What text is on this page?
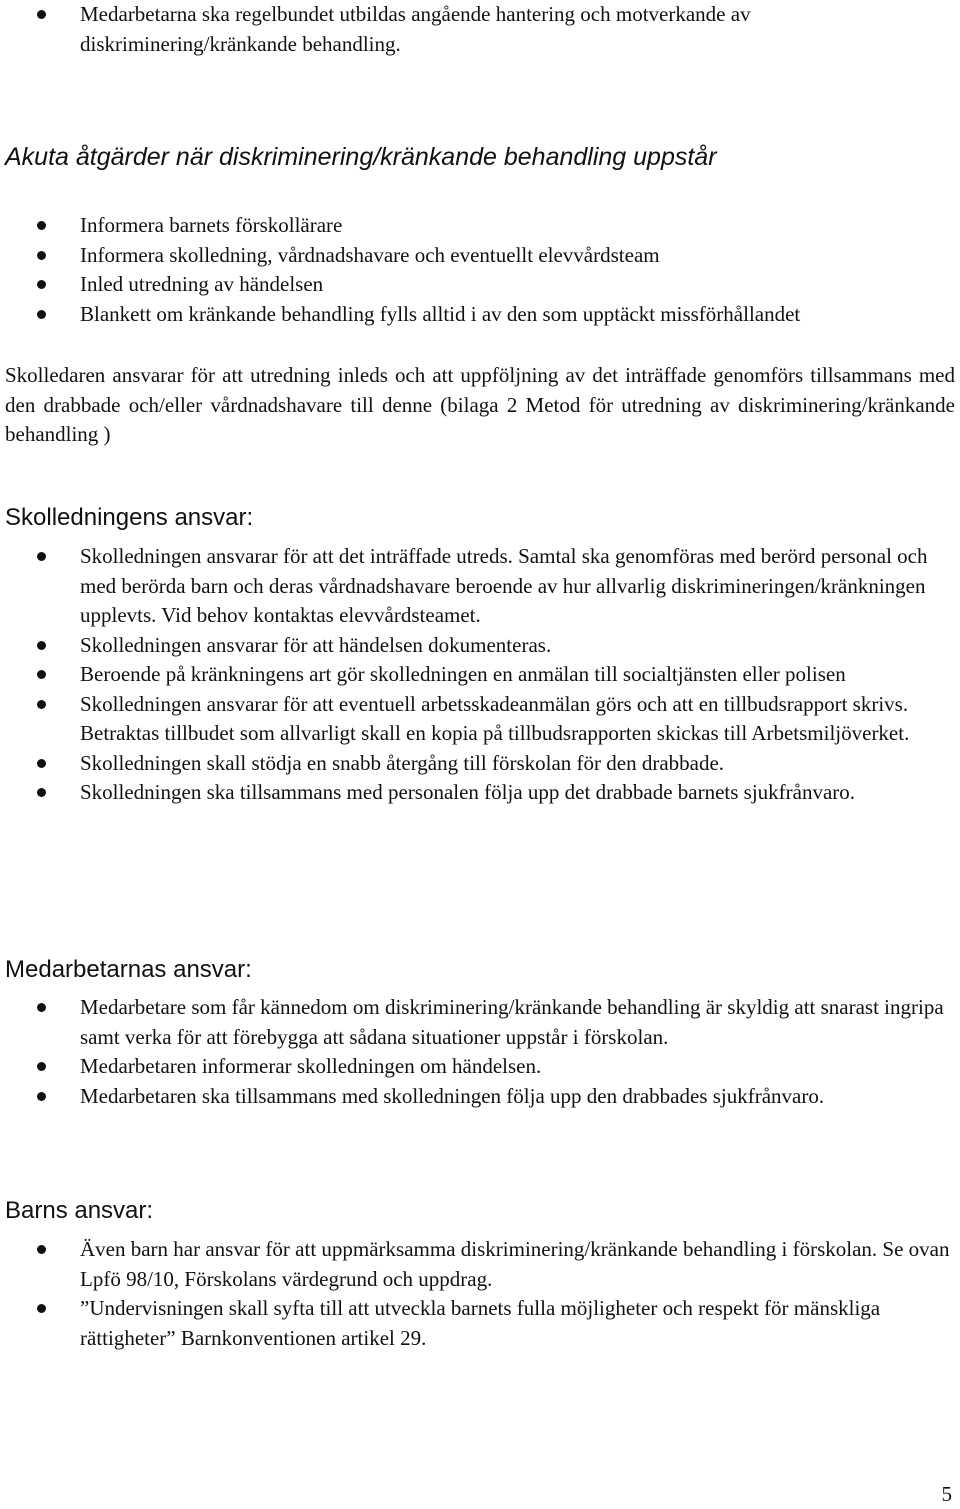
Medarbetarna ska regelbundet utbildas angående hantering och motverkande av diskriminering/kränkande behandling.
Akuta åtgärder när diskriminering/kränkande behandling uppstår
Informera barnets förskollärare
Informera skolledning, vårdnadshavare och eventuellt elevvårdsteam
Inled utredning av händelsen
Blankett om kränkande behandling fylls alltid i av den som upptäckt missförhållandet

Skolledaren ansvarar för att utredning inleds och att uppföljning av det inträffade genomförs tillsammans med den drabbade och/eller vårdnadshavare till denne (bilaga 2 Metod för utredning av diskriminering/kränkande behandling )

Skolledningens ansvar:
Skolledningen ansvarar för att det inträffade utreds. Samtal ska genomföras med berörd personal och med berörda barn och deras vårdnadshavare beroende av hur allvarlig diskrimineringen/kränkningen upplevts. Vid behov kontaktas elevvårdsteamet.
Skolledningen ansvarar för att händelsen dokumenteras.
Beroende på kränkningens art gör skolledningen en anmälan till socialtjänsten eller polisen
Skolledningen ansvarar för att eventuell arbetsskadeanmälan görs och att en tillbudsrapport skrivs. Betraktas tillbudet som allvarligt skall en kopia på tillbudsrapporten skickas till Arbetsmiljöverket.
Skolledningen skall stödja en snabb återgång till förskolan för den drabbade.
Skolledningen ska tillsammans med personalen följa upp det drabbade barnets sjukfrånvaro.
Medarbetarnas ansvar:
Medarbetare som får kännedom om diskriminering/kränkande behandling är skyldig att snarast ingripa samt verka för att förebygga att sådana situationer uppstår i förskolan.
Medarbetaren informerar skolledningen om händelsen.
Medarbetaren ska tillsammans med skolledningen följa upp den drabbades sjukfrånvaro.
Barns ansvar:
Även barn har ansvar för att uppmärksamma diskriminering/kränkande behandling i förskolan. Se ovan Lpfö 98/10, Förskolans värdegrund och uppdrag.
”Undervisningen skall syfta till att utveckla barnets fulla möjligheter och respekt för mänskliga rättigheter” Barnkonventionen artikel 29.
5
